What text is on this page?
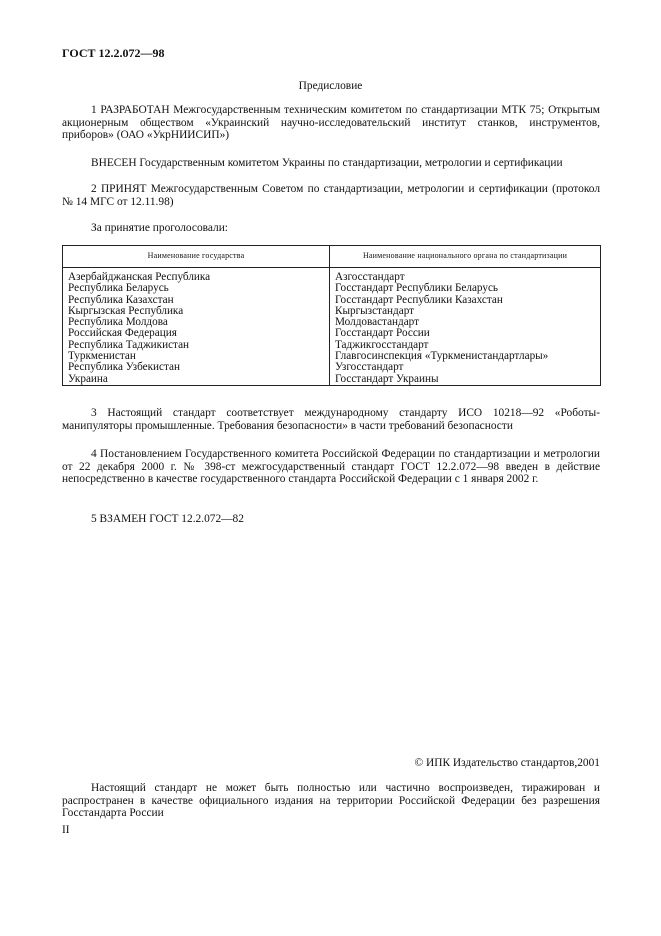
ГОСТ 12.2.072—98
Предисловие

1 РАЗРАБОТАН Межгосударственным техническим комитетом по стандартизации МТК 75; Открытым акционерным обществом «Украинский научно-исследовательский институт станков, инструментов, приборов» (ОАО «УкрНИИСИП»)

ВНЕСЕН Государственным комитетом Украины по стандартизации, метрологии и сертификации

2 ПРИНЯТ Межгосударственным Советом по стандартизации, метрологии и сертификации (протокол № 14 МГС от 12.11.98)

За принятие проголосовали:

Наименование государства	Наименование национального органа по стандартизации
Азербайджанская Республика	Азгосстандарт
Республика Беларусь	Госстандарт Республики Беларусь
Республика Казахстан	Госстандарт Республики Казахстан
Кыргызская Республика	Кыргызстандарт
Республика Молдова	Молдовастандарт
Российская Федерация	Госстандарт России
Республика Таджикистан	Таджикгосстандарт
Туркменистан	Главгосинспекция «Туркменистандартлары»
Республика Узбекистан	Узгосстандарт
Украина	Госстандарт Украины

3 Настоящий стандарт соответствует международному стандарту ИСО 10218—92 «Роботы-манипуляторы промышленные. Требования безопасности» в части требований безопасности

4 Постановлением Государственного комитета Российской Федерации по стандартизации и метрологии от 22 декабря 2000 г. № 398-ст межгосударственный стандарт ГОСТ 12.2.072—98 введен в действие непосредственно в качестве государственного стандарта Российской Федерации с 1 января 2002 г.

5 ВЗАМЕН ГОСТ 12.2.072—82

© ИПК Издательство стандартов,2001

Настоящий стандарт не может быть полностью или частично воспроизведен, тиражирован и распространен в качестве официального издания на территории Российской Федерации без разрешения Госстандарта России

II
